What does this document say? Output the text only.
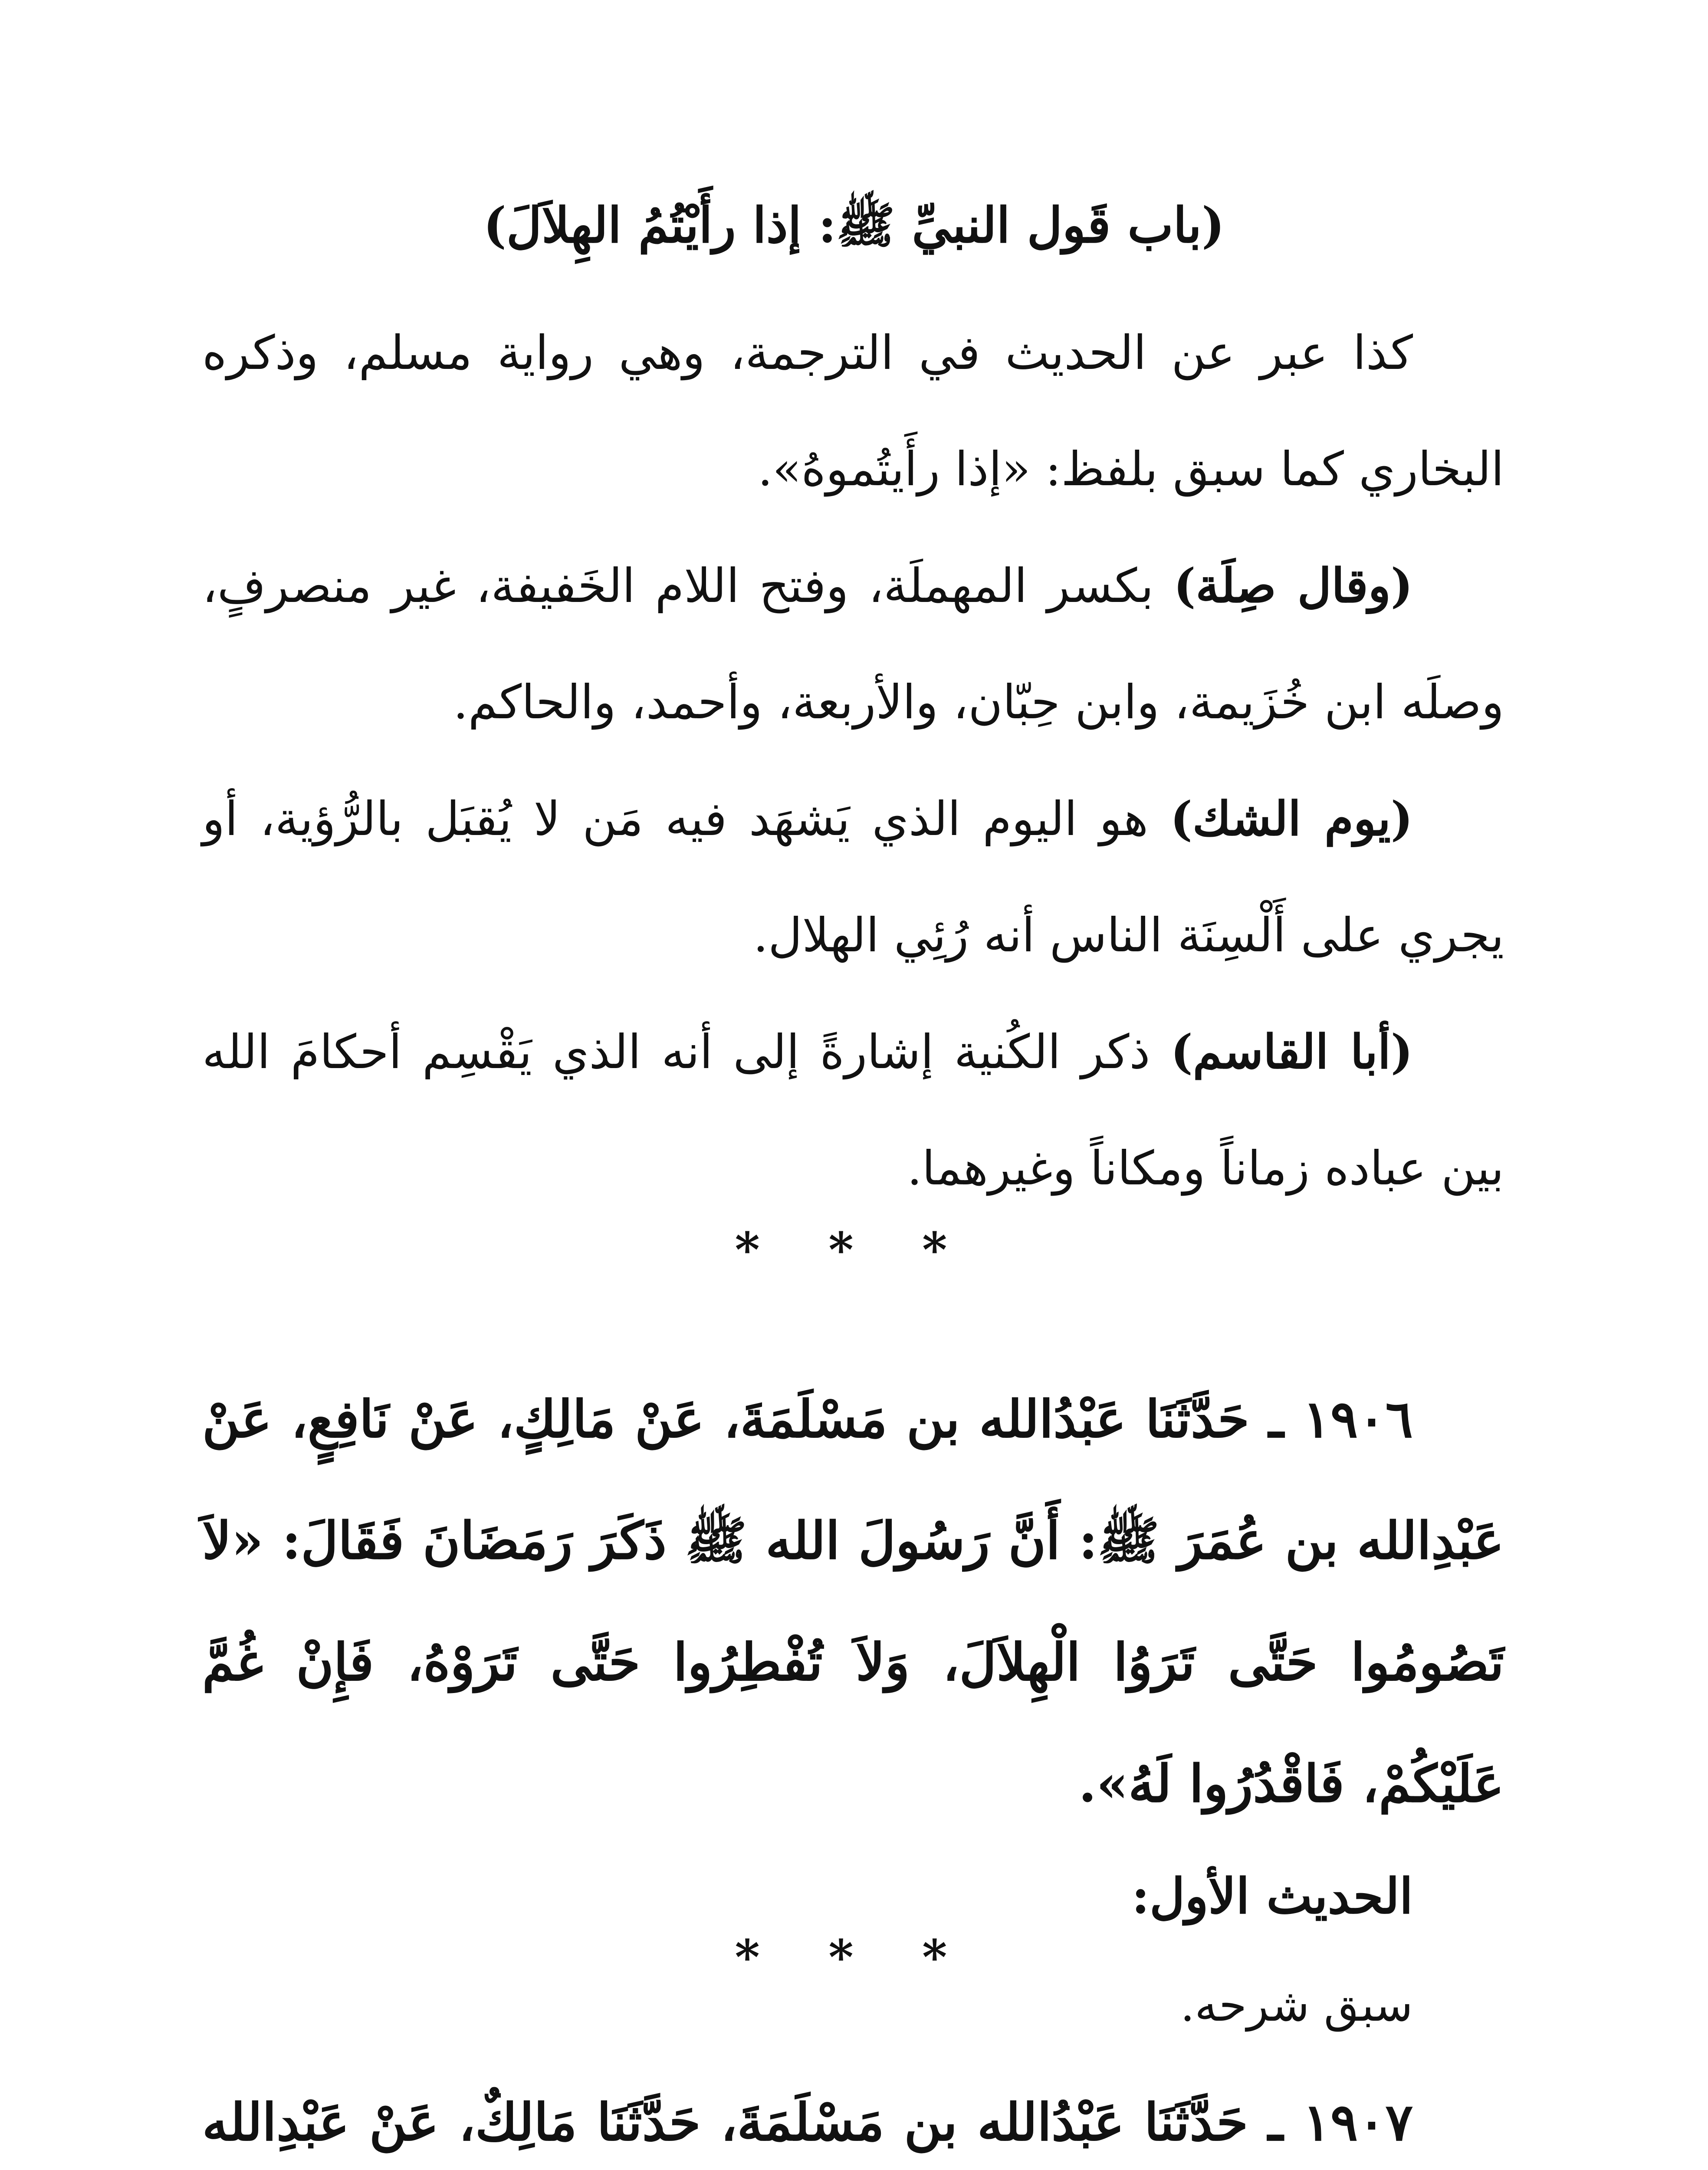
(باب قَول النبيِّ ﷺ: إذا رأَيْتُمُ الهِلاَلَ)

كذا عبر عن الحديث في الترجمة، وهي رواية مسلم، وذكره البخاري كما سبق بلفظ: «إذا رأَيتُموهُ».

(وقال صِلَة) بكسر المهملَة، وفتح اللام الخَفيفة، غير منصرفٍ، وصلَه ابن خُزَيمة، وابن حِبّان، والأربعة، وأحمد، والحاكم.

(يوم الشك) هو اليوم الذي يَشهَد فيه مَن لا يُقبَل بالرُّؤية، أو يجري على أَلْسِنَة الناس أنه رُئِي الهلال.

(أبا القاسم) ذكر الكُنية إشارةً إلى أنه الذي يَقْسِم أحكامَ الله بين عباده زماناً ومكاناً وغيرهما.

* * *

١٩٠٦ ـ حَدَّثَنَا عَبْدُالله بن مَسْلَمَةَ، عَنْ مَالِكٍ، عَنْ نَافِعٍ، عَنْ عَبْدِالله بن عُمَرَ ﷺ: أَنَّ رَسُولَ الله ﷺ ذَكَرَ رَمَضَانَ فَقَالَ: «لاَ تَصُومُوا حَتَّى تَرَوُا الْهِلاَلَ، وَلاَ تُفْطِرُوا حَتَّى تَرَوْهُ، فَإِنْ غُمَّ عَلَيْكُمْ، فَاقْدُرُوا لَهُ».

الحديث الأول:

سبق شرحه.

* * *

١٩٠٧ ـ حَدَّثَنَا عَبْدُالله بن مَسْلَمَةَ، حَدَّثَنَا مَالِكٌ، عَنْ عَبْدِالله
